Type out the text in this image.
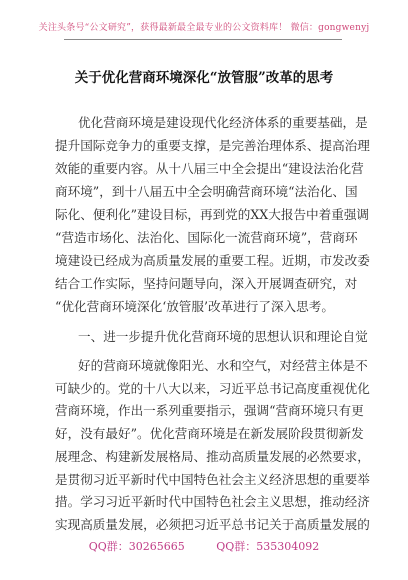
关注头条号“公文研究”，获得最新最全最专业的公文资料库！ 微信：gongwenyj
关于优化营商环境深化“放管服”改革的思考
优化营商环境是建设现代化经济体系的重要基础，是
提升国际竞争力的重要支撑，是完善治理体系、提高治理
效能的重要内容。从十八届三中全会提出“建设法治化营
商环境”，到十八届五中全会明确营商环境“法治化、国
际化、便利化”建设目标，再到党的XX大报告中着重强调
“营造市场化、法治化、国际化一流营商环境”，营商环
境建设已经成为高质量发展的重要工程。近期，市发改委
结合工作实际，坚持问题导向，深入开展调查研究，对
“优化营商环境深化‘放管服’改革进行了深入思考。
一、进一步提升优化营商环境的思想认识和理论自觉
好的营商环境就像阳光、水和空气，对经营主体是不
可缺少的。党的十八大以来，习近平总书记高度重视优化
营商环境，作出一系列重要指示，强调“营商环境只有更
好，没有最好”。优化营商环境是在新发展阶段贯彻新发
展理念、构建新发展格局、推动高质量发展的必然要求，
是贯彻习近平新时代中国特色社会主义经济思想的重要举
措。学习习近平新时代中国特色社会主义思想，推动经济
实现高质量发展，必须把习近平总书记关于高质量发展的
QQ群：30265665	QQ群：535304092
